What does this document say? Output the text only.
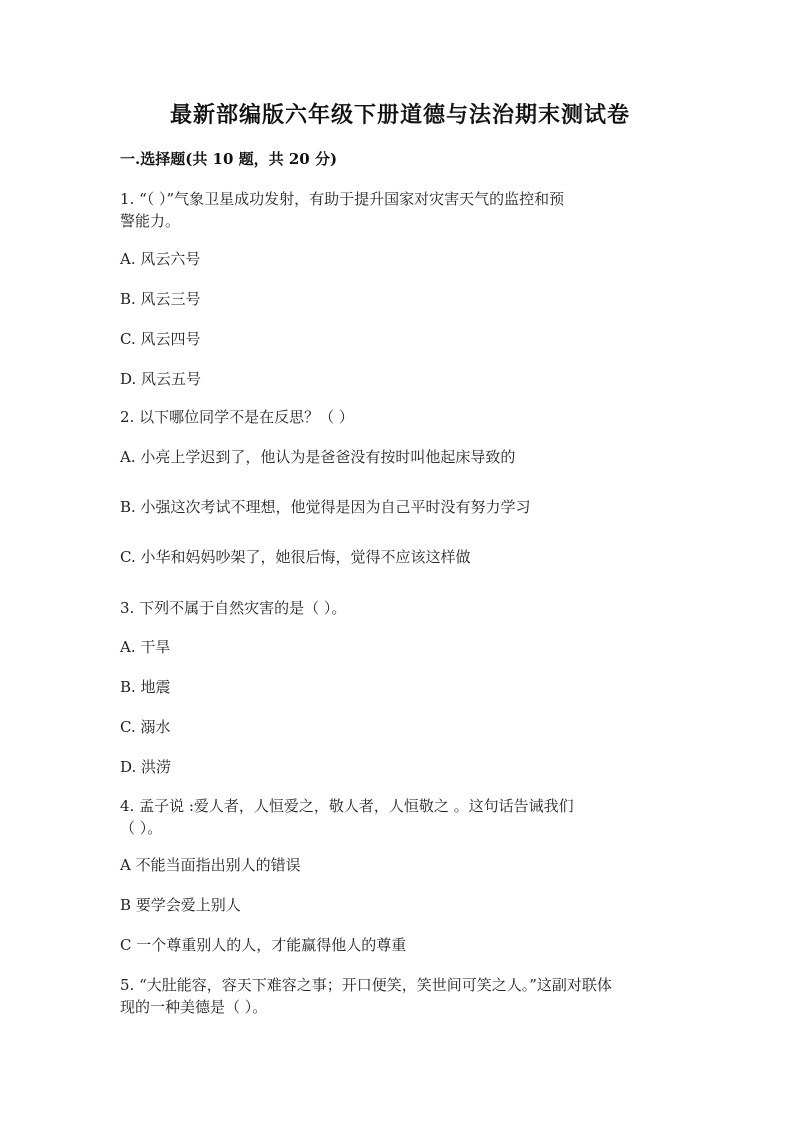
最新部编版六年级下册道德与法治期末测试卷
一.选择题(共 10 题，共 20 分)
1. “（ ）”气象卫星成功发射，有助于提升国家对灾害天气的监控和预
警能力。
A. 风云六号
B. 风云三号
C. 风云四号
D. 风云五号
2. 以下哪位同学不是在反思？（ ）
A. 小亮上学迟到了，他认为是爸爸没有按时叫他起床导致的
B. 小强这次考试不理想，他觉得是因为自己平时没有努力学习
C. 小华和妈妈吵架了，她很后悔，觉得不应该这样做
3. 下列不属于自然灾害的是（ ）。
A. 干旱
B. 地震
C. 溺水
D. 洪涝
4. 孟子说 :爱人者，人恒爱之，敬人者，人恒敬之 。这句话告诫我们
（ ）。
A 不能当面指出别人的错误
B 要学会爱上别人
C 一个尊重别人的人，才能赢得他人的尊重
5. “大肚能容，容天下难容之事；开口便笑，笑世间可笑之人。”这副对联体
现的一种美德是（ ）。
